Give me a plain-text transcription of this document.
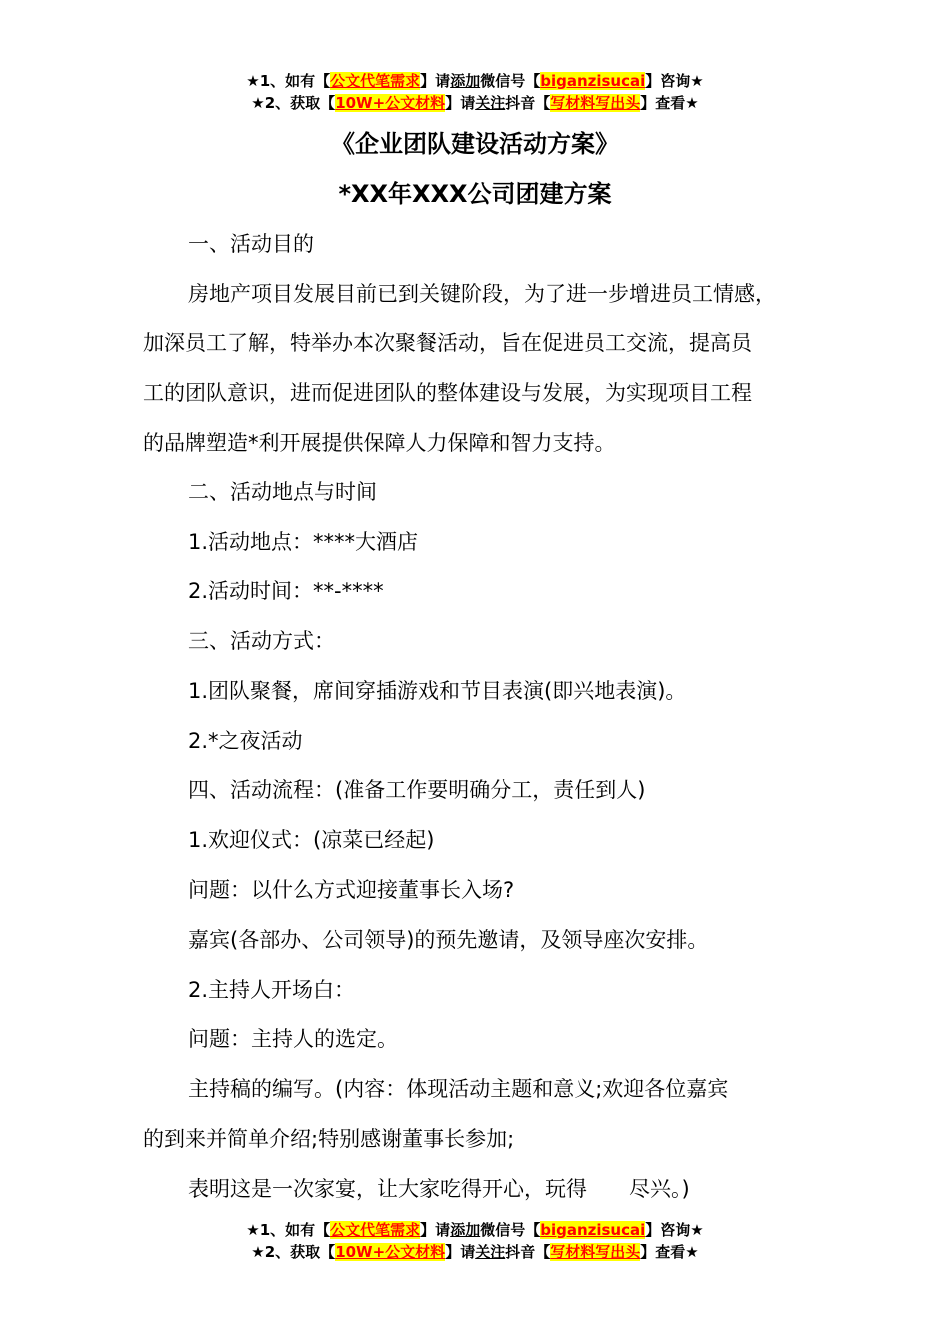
★1、如有【公文代笔需求】请添加微信号【biganzisucai】咨询★
★2、获取【10W+公文材料】请关注抖音【写材料写出头】查看★
《企业团队建设活动方案》
*XX年XXX公司团建方案
一、活动目的
房地产项目发展目前已到关键阶段，为了进一步增进员工情感，
加深员工了解，特举办本次聚餐活动，旨在促进员工交流，提高员
工的团队意识，进而促进团队的整体建设与发展，为实现项目工程
的品牌塑造*利开展提供保障人力保障和智力支持。
二、活动地点与时间
1.活动地点：****大酒店
2.活动时间：**-****
三、活动方式：
1.团队聚餐，席间穿插游戏和节目表演(即兴地表演)。
2.*之夜活动
四、活动流程：(准备工作要明确分工，责任到人)
1.欢迎仪式：(凉菜已经起)
问题：以什么方式迎接董事长入场?
嘉宾(各部办、公司领导)的预先邀请，及领导座次安排。
2.主持人开场白：
问题：主持人的选定。
主持稿的编写。(内容：体现活动主题和意义;欢迎各位嘉宾
的到来并简单介绍;特别感谢董事长参加;
表明这是一次家宴，让大家吃得开心，玩得　　尽兴。)
★1、如有【公文代笔需求】请添加微信号【biganzisucai】咨询★
★2、获取【10W+公文材料】请关注抖音【写材料写出头】查看★
